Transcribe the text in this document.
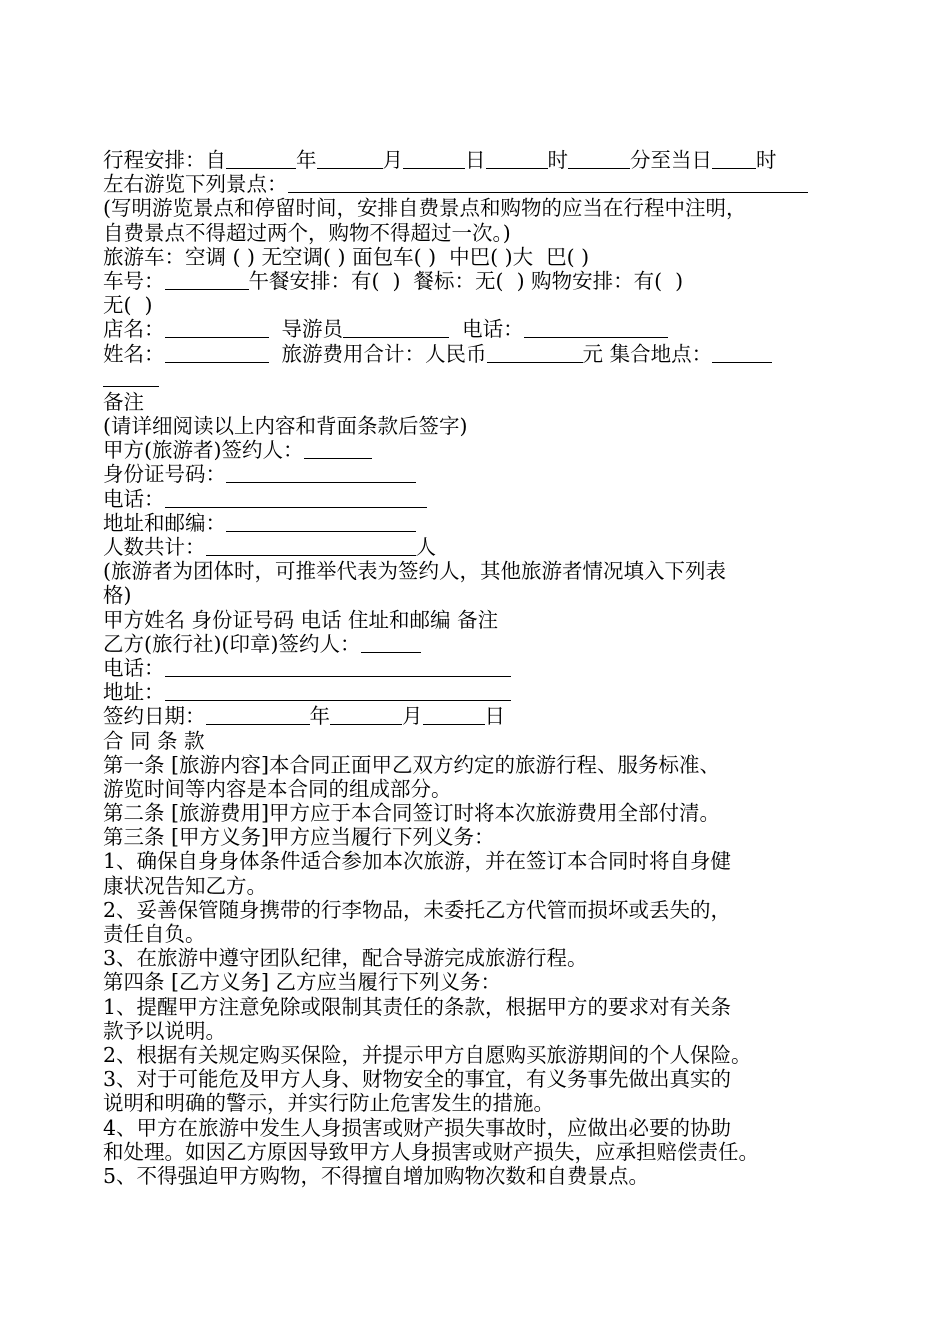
行程安排：自	年	月	日	时	分至当日 时
左右游览下列景点：
(写明游览景点和停留时间，安排自费景点和购物的应当在行程中注明，
自费景点不得超过两个，购物不得超过一次。)
旅游车：空调 ( ) 无空调( ) 面包车( )  中巴( )大  巴( )
车号：	午餐安排：有(  )  餐标：无(  ) 购物安排：有(  )
无(  )
店名：	导游员	电话：
姓名：	旅游费用合计：人民币	元 集合地点：
备注
(请详细阅读以上内容和背面条款后签字)
甲方(旅游者)签约人：
身份证号码：
电话：
地址和邮编：
人数共计：	人
(旅游者为团体时，可推举代表为签约人，其他旅游者情况填入下列表
格)
甲方姓名 身份证号码 电话 住址和邮编 备注
乙方(旅行社)(印章)签约人：
电话：
地址：
签约日期：	年	月	日
合 同 条 款
第一条 [旅游内容]本合同正面甲乙双方约定的旅游行程、服务标准、
游览时间等内容是本合同的组成部分。
第二条 [旅游费用]甲方应于本合同签订时将本次旅游费用全部付清。
第三条 [甲方义务]甲方应当履行下列义务：
1、确保自身身体条件适合参加本次旅游，并在签订本合同时将自身健
康状况告知乙方。
2、妥善保管随身携带的行李物品，未委托乙方代管而损坏或丢失的，
责任自负。
3、在旅游中遵守团队纪律，配合导游完成旅游行程。
第四条 [乙方义务] 乙方应当履行下列义务：
1、提醒甲方注意免除或限制其责任的条款，根据甲方的要求对有关条
款予以说明。
2、根据有关规定购买保险，并提示甲方自愿购买旅游期间的个人保险。
3、对于可能危及甲方人身、财物安全的事宜，有义务事先做出真实的
说明和明确的警示，并实行防止危害发生的措施。
4、甲方在旅游中发生人身损害或财产损失事故时，应做出必要的协助
和处理。如因乙方原因导致甲方人身损害或财产损失，应承担赔偿责任。
5、不得强迫甲方购物，不得擅自增加购物次数和自费景点。
